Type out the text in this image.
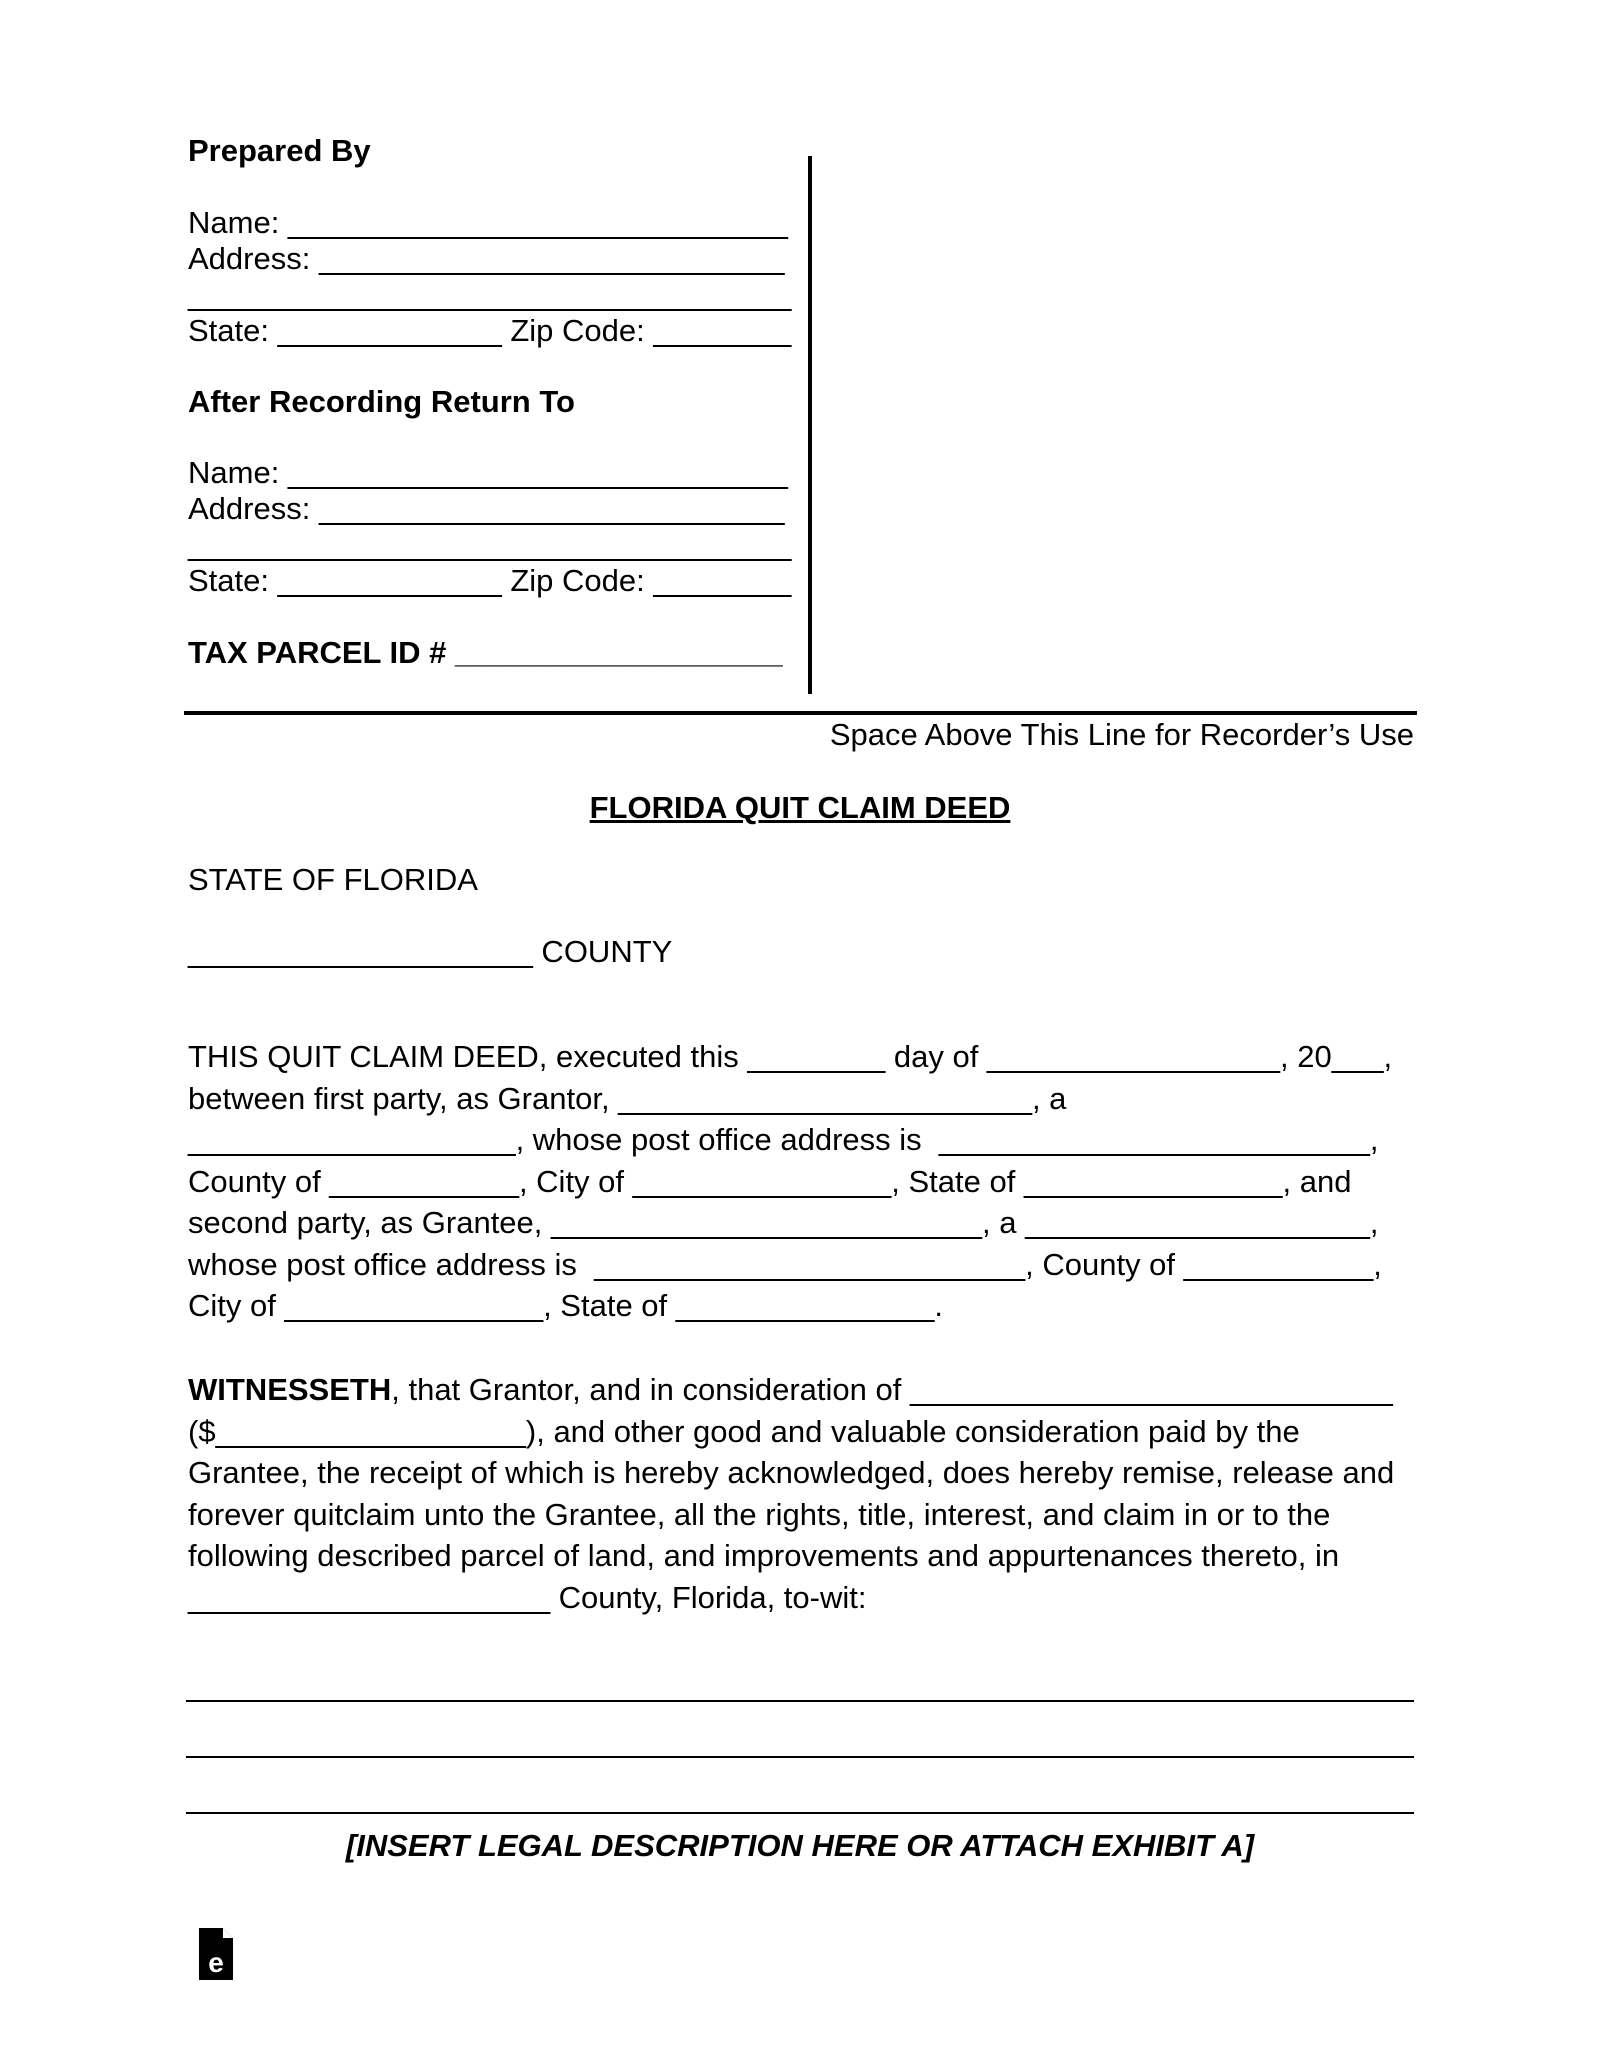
Prepared By
Name: _____________________________
Address: ___________________________
___________________________________
State: _____________ Zip Code: ________
After Recording Return To
Name: _____________________________
Address: ___________________________
___________________________________
State: _____________ Zip Code: ________
TAX PARCEL ID # ___________________
Space Above This Line for Recorder’s Use
FLORIDA QUIT CLAIM DEED
STATE OF FLORIDA
____________________ COUNTY
THIS QUIT CLAIM DEED, executed this ________ day of _________________, 20___,
between first party, as Grantor, ________________________, a
___________________, whose post office address is  _________________________,
County of ___________, City of _______________, State of _______________, and
second party, as Grantee, _________________________, a ____________________,
whose post office address is  _________________________, County of ___________,
City of _______________, State of _______________.
WITNESSETH, that Grantor, and in consideration of ____________________________
($__________________), and other good and valuable consideration paid by the
Grantee, the receipt of which is hereby acknowledged, does hereby remise, release and
forever quitclaim unto the Grantee, all the rights, title, interest, and claim in or to the
following described parcel of land, and improvements and appurtenances thereto, in
_____________________ County, Florida, to-wit:
[INSERT LEGAL DESCRIPTION HERE OR ATTACH EXHIBIT A]
e
